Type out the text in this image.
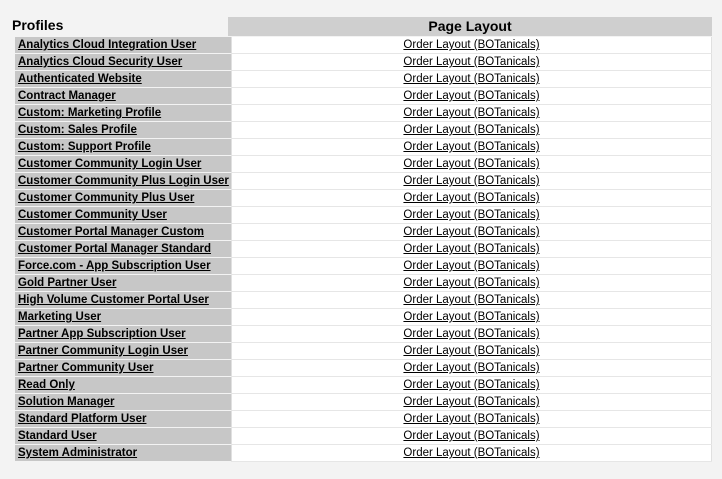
Profiles	Page Layout
Analytics Cloud Integration User	Order Layout (BOTanicals)
Analytics Cloud Security User	Order Layout (BOTanicals)
Authenticated Website	Order Layout (BOTanicals)
Contract Manager	Order Layout (BOTanicals)
Custom: Marketing Profile	Order Layout (BOTanicals)
Custom: Sales Profile	Order Layout (BOTanicals)
Custom: Support Profile	Order Layout (BOTanicals)
Customer Community Login User	Order Layout (BOTanicals)
Customer Community Plus Login User	Order Layout (BOTanicals)
Customer Community Plus User	Order Layout (BOTanicals)
Customer Community User	Order Layout (BOTanicals)
Customer Portal Manager Custom	Order Layout (BOTanicals)
Customer Portal Manager Standard	Order Layout (BOTanicals)
Force.com - App Subscription User	Order Layout (BOTanicals)
Gold Partner User	Order Layout (BOTanicals)
High Volume Customer Portal User	Order Layout (BOTanicals)
Marketing User	Order Layout (BOTanicals)
Partner App Subscription User	Order Layout (BOTanicals)
Partner Community Login User	Order Layout (BOTanicals)
Partner Community User	Order Layout (BOTanicals)
Read Only	Order Layout (BOTanicals)
Solution Manager	Order Layout (BOTanicals)
Standard Platform User	Order Layout (BOTanicals)
Standard User	Order Layout (BOTanicals)
System Administrator	Order Layout (BOTanicals)
